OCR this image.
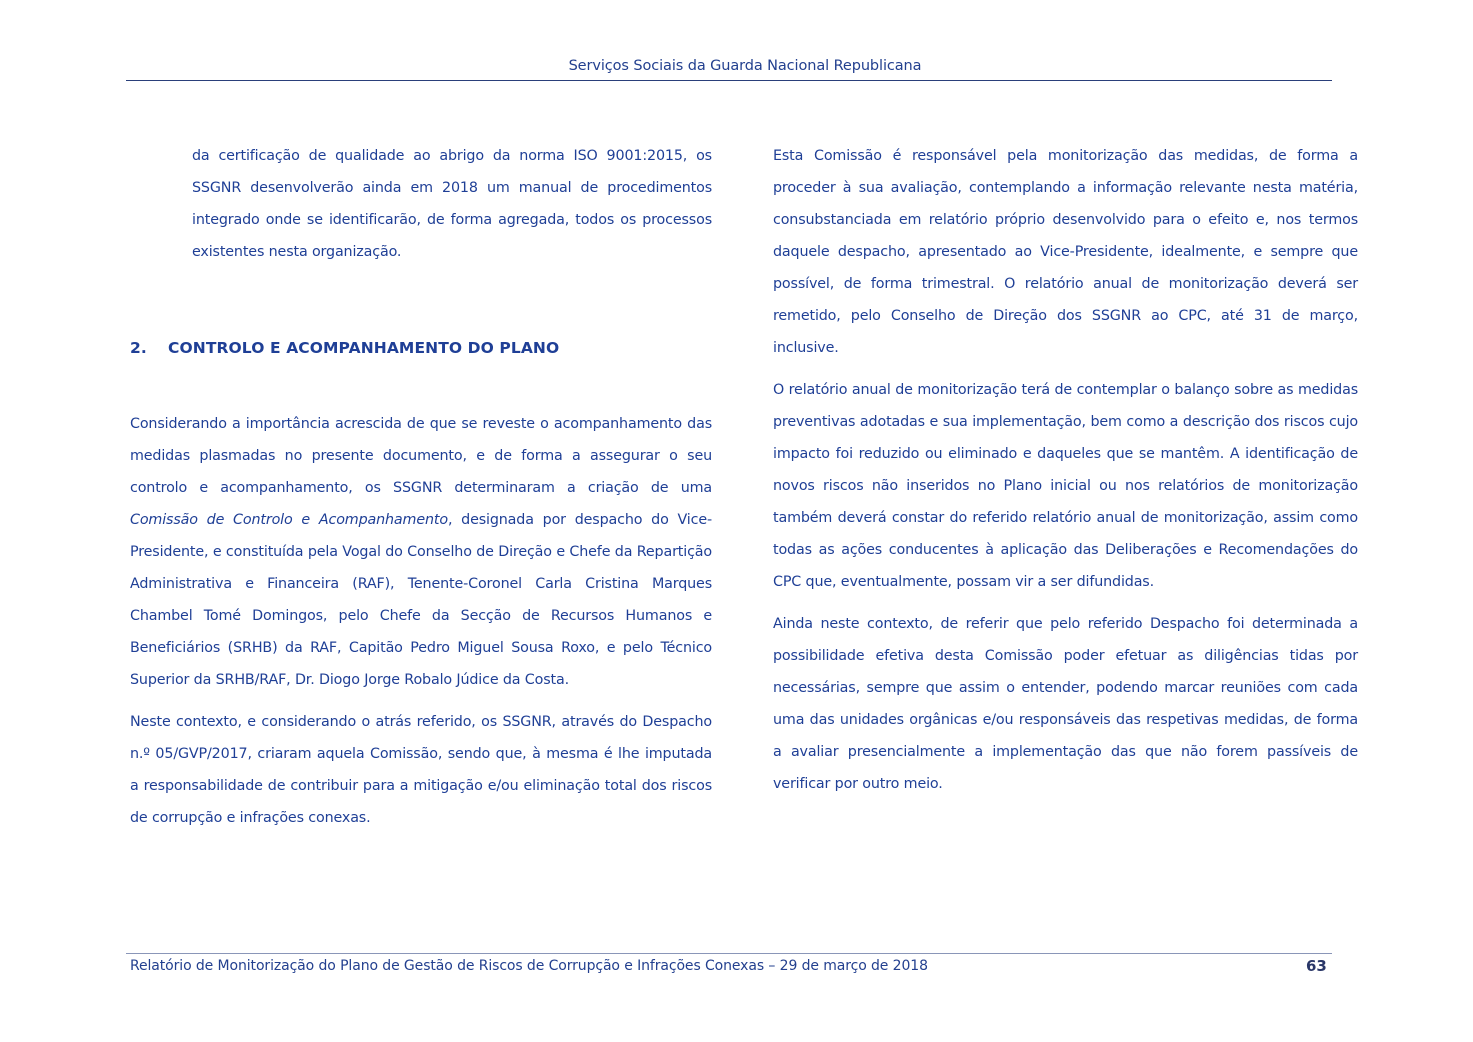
Serviços Sociais da Guarda Nacional Republicana

da certificação de qualidade ao abrigo da norma ISO 9001:2015, os SSGNR desenvolverão ainda em 2018 um manual de procedimentos integrado onde se identificarão, de forma agregada, todos os processos existentes nesta organização.

2. CONTROLO E ACOMPANHAMENTO DO PLANO

Considerando a importância acrescida de que se reveste o acompanhamento das medidas plasmadas no presente documento, e de forma a assegurar o seu controlo e acompanhamento, os SSGNR determinaram a criação de uma Comissão de Controlo e Acompanhamento, designada por despacho do Vice-Presidente, e constituída pela Vogal do Conselho de Direção e Chefe da Repartição Administrativa e Financeira (RAF), Tenente-Coronel Carla Cristina Marques Chambel Tomé Domingos, pelo Chefe da Secção de Recursos Humanos e Beneficiários (SRHB) da RAF, Capitão Pedro Miguel Sousa Roxo, e pelo Técnico Superior da SRHB/RAF, Dr. Diogo Jorge Robalo Júdice da Costa.

Neste contexto, e considerando o atrás referido, os SSGNR, através do Despacho n.º 05/GVP/2017, criaram aquela Comissão, sendo que, à mesma é lhe imputada a responsabilidade de contribuir para a mitigação e/ou eliminação total dos riscos de corrupção e infrações conexas.

Esta Comissão é responsável pela monitorização das medidas, de forma a proceder à sua avaliação, contemplando a informação relevante nesta matéria, consubstanciada em relatório próprio desenvolvido para o efeito e, nos termos daquele despacho, apresentado ao Vice-Presidente, idealmente, e sempre que possível, de forma trimestral. O relatório anual de monitorização deverá ser remetido, pelo Conselho de Direção dos SSGNR ao CPC, até 31 de março, inclusive.

O relatório anual de monitorização terá de contemplar o balanço sobre as medidas preventivas adotadas e sua implementação, bem como a descrição dos riscos cujo impacto foi reduzido ou eliminado e daqueles que se mantêm. A identificação de novos riscos não inseridos no Plano inicial ou nos relatórios de monitorização também deverá constar do referido relatório anual de monitorização, assim como todas as ações conducentes à aplicação das Deliberações e Recomendações do CPC que, eventualmente, possam vir a ser difundidas.

Ainda neste contexto, de referir que pelo referido Despacho foi determinada a possibilidade efetiva desta Comissão poder efetuar as diligências tidas por necessárias, sempre que assim o entender, podendo marcar reuniões com cada uma das unidades orgânicas e/ou responsáveis das respetivas medidas, de forma a avaliar presencialmente a implementação das que não forem passíveis de verificar por outro meio.

Relatório de Monitorização do Plano de Gestão de Riscos de Corrupção e Infrações Conexas – 29 de março de 2018	63
